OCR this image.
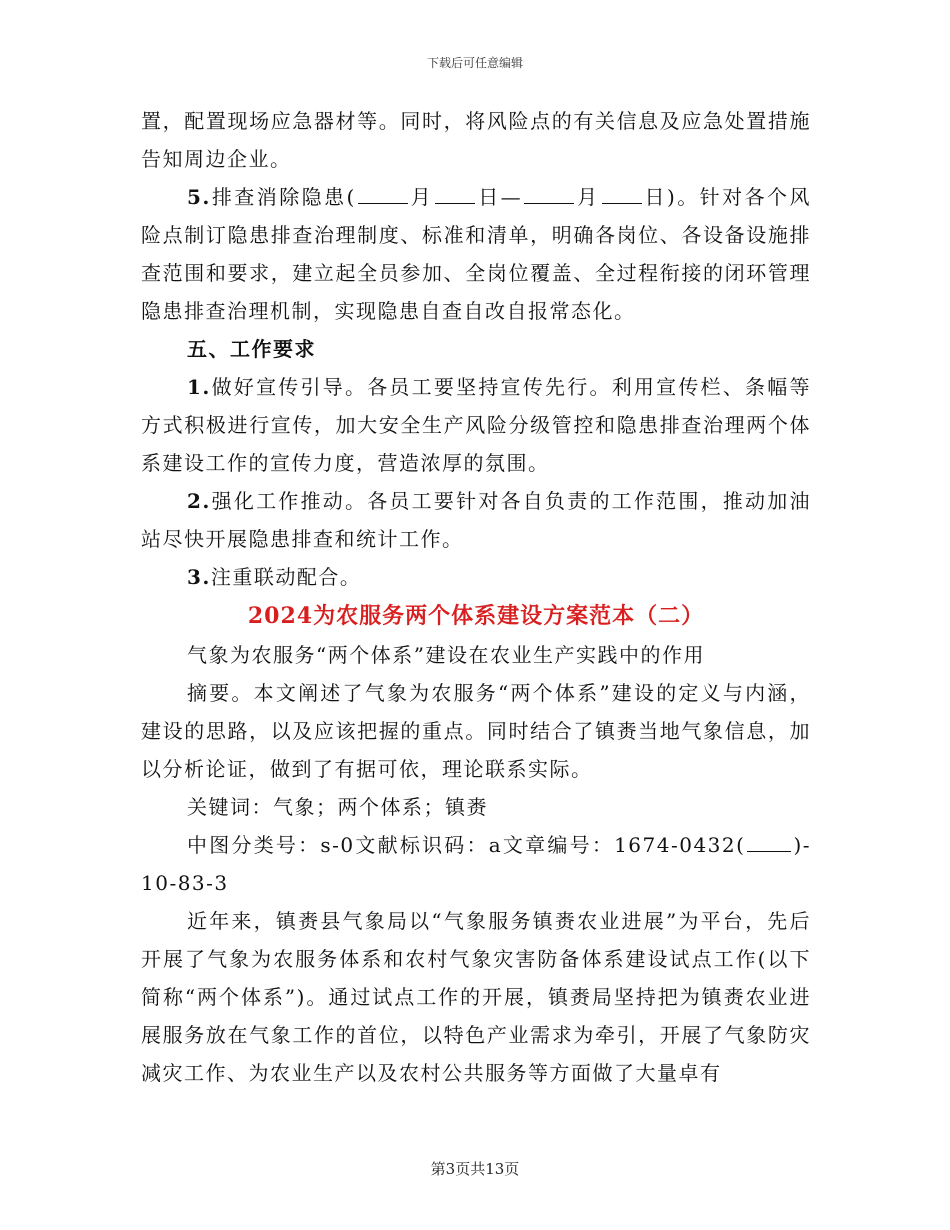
下载后可任意编辑

置，配置现场应急器材等。同时，将风险点的有关信息及应急处置措施告知周边企业。

5.排查消除隐患(	月 日—	月 日)。针对各个风险点制订隐患排查治理制度、标准和清单，明确各岗位、各设备设施排查范围和要求，建立起全员参加、全岗位覆盖、全过程衔接的闭环管理隐患排查治理机制，实现隐患自查自改自报常态化。

五、工作要求

1.做好宣传引导。各员工要坚持宣传先行。利用宣传栏、条幅等方式积极进行宣传，加大安全生产风险分级管控和隐患排查治理两个体系建设工作的宣传力度，营造浓厚的氛围。

2.强化工作推动。各员工要针对各自负责的工作范围，推动加油站尽快开展隐患排查和统计工作。

3.注重联动配合。

2024为农服务两个体系建设方案范本（二）

气象为农服务“两个体系”建设在农业生产实践中的作用

摘要。本文阐述了气象为农服务“两个体系”建设的定义与内涵，建设的思路，以及应该把握的重点。同时结合了镇赉当地气象信息，加以分析论证，做到了有据可依，理论联系实际。

关键词：气象；两个体系；镇赉

中图分类号：s-0文献标识码：a文章编号：1674-0432( )-10-83-3

近年来，镇赉县气象局以“气象服务镇赉农业进展”为平台，先后开展了气象为农服务体系和农村气象灾害防备体系建设试点工作(以下简称“两个体系”)。通过试点工作的开展，镇赉局坚持把为镇赉农业进展服务放在气象工作的首位，以特色产业需求为牵引，开展了气象防灾减灾工作、为农业生产以及农村公共服务等方面做了大量卓有

第3页共13页
